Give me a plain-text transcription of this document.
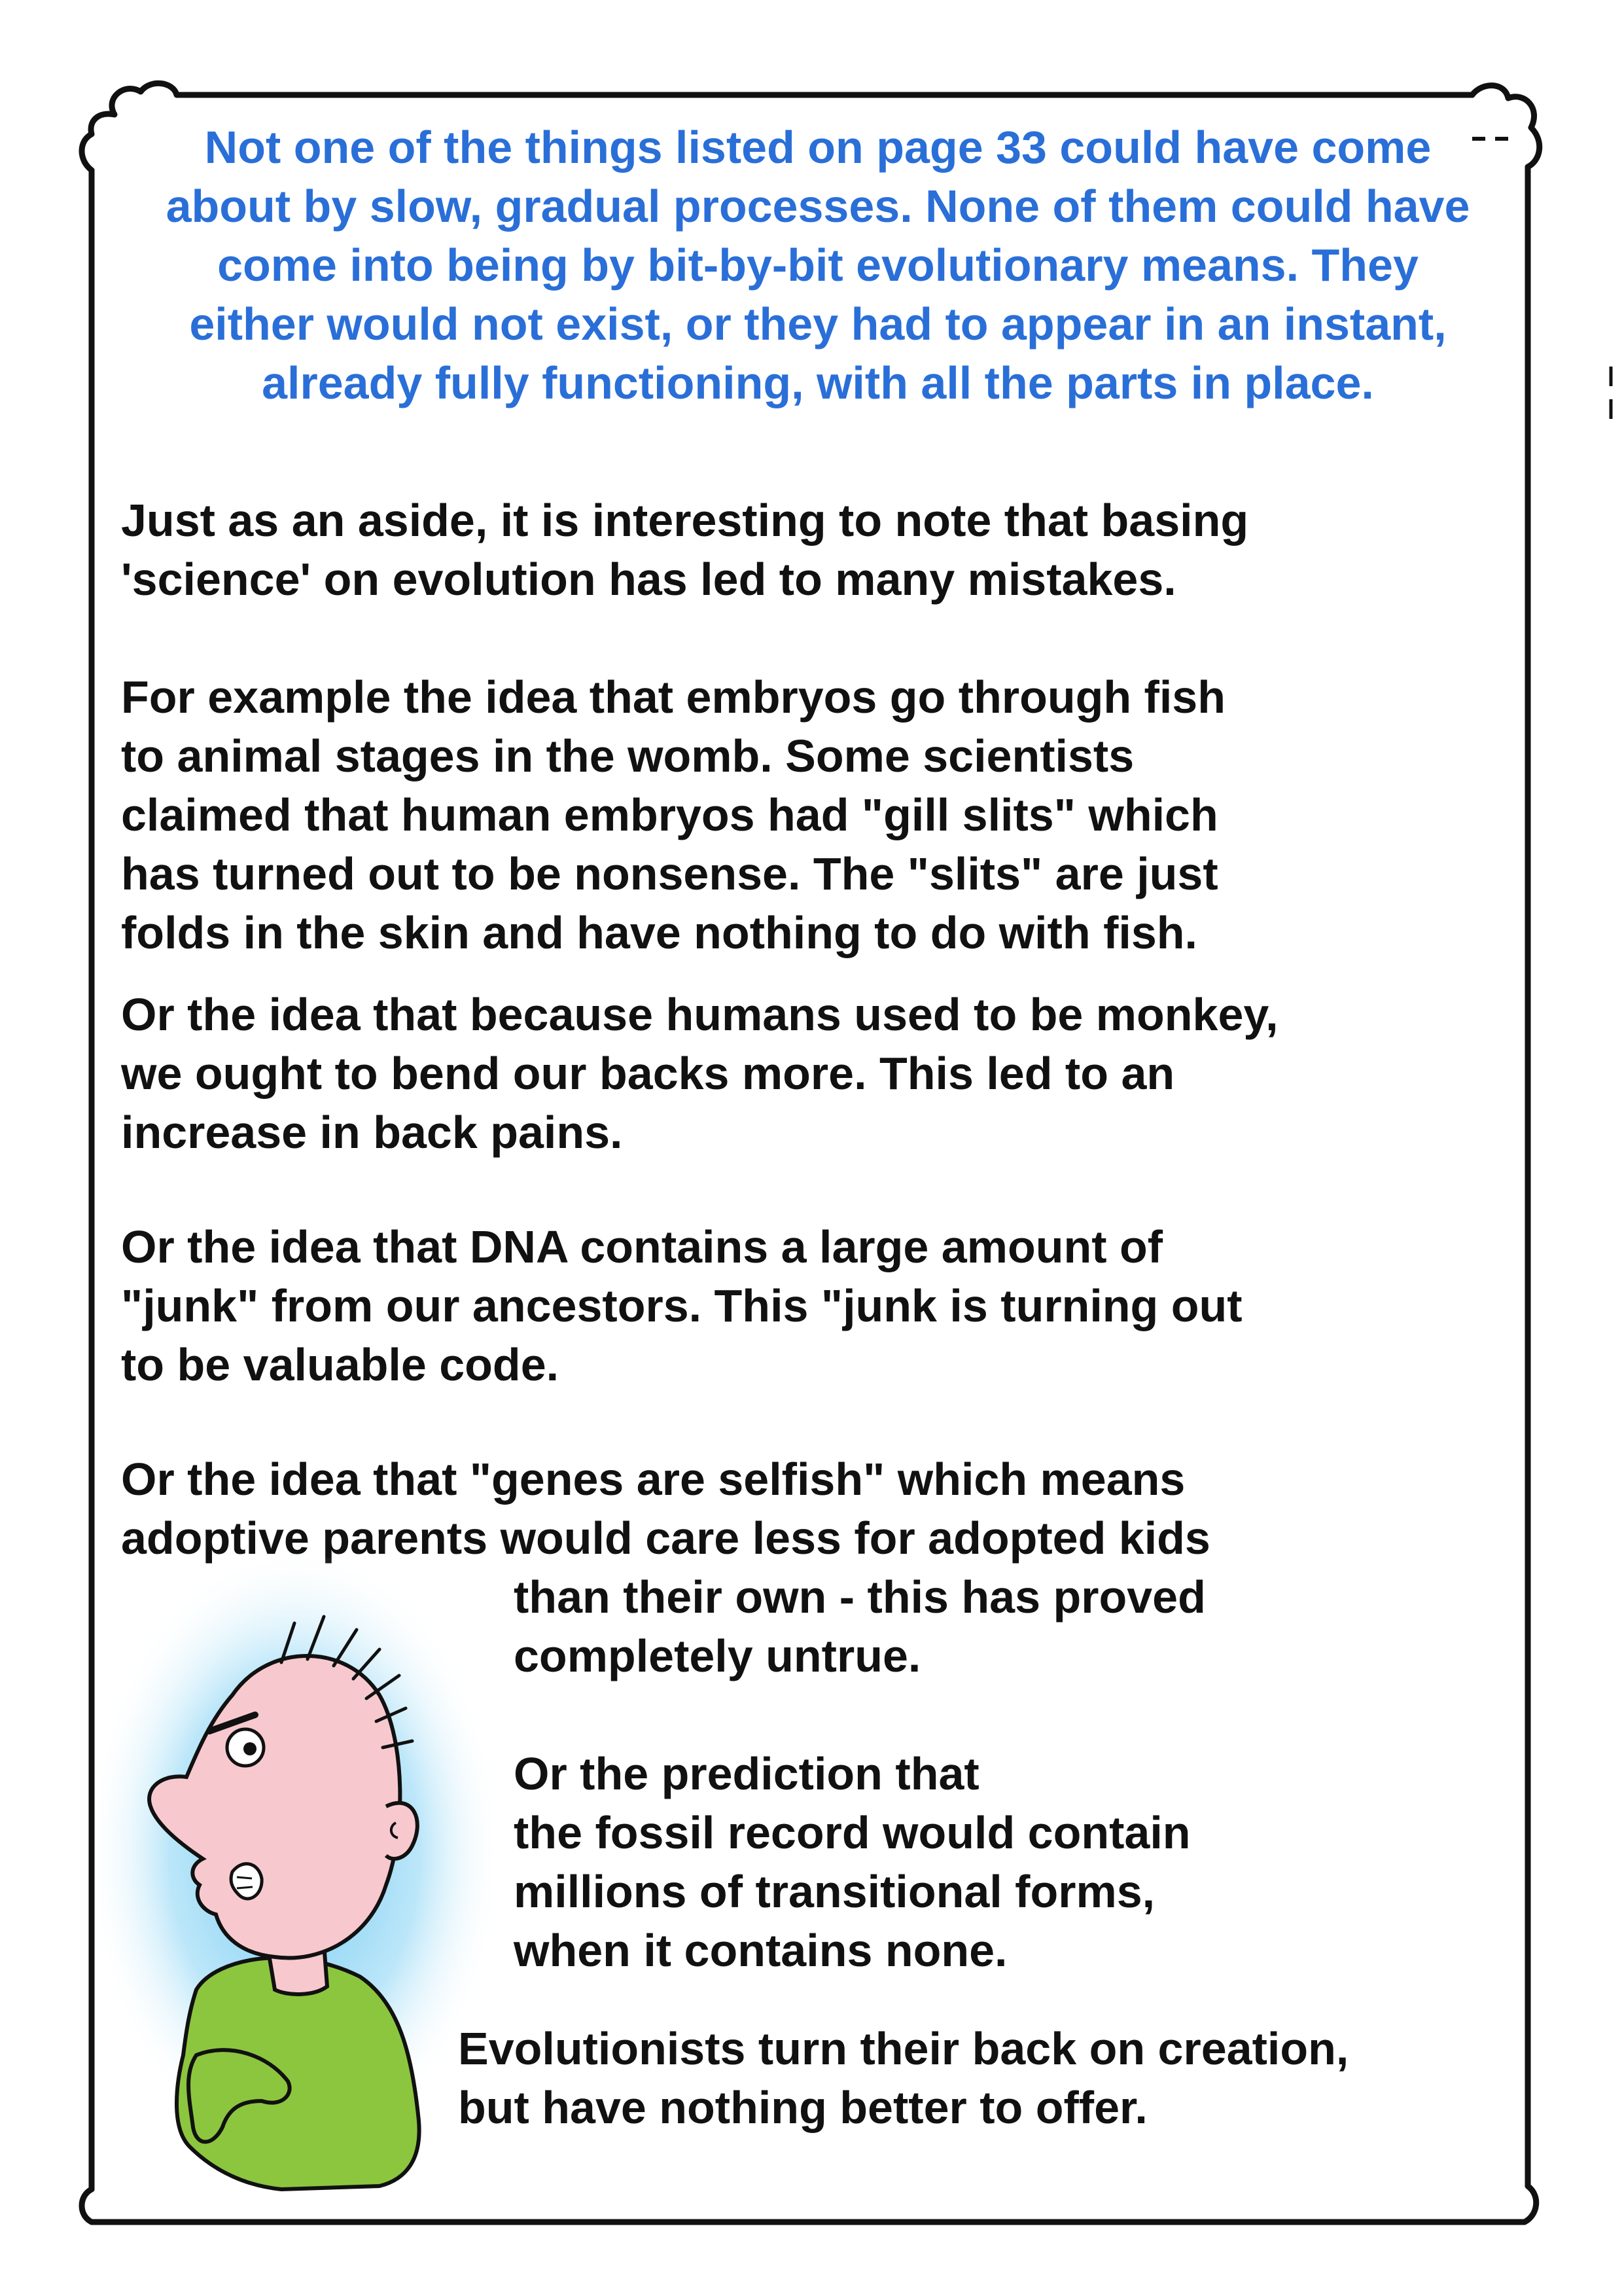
Not one of the things listed on page 33 could have come about by slow, gradual processes. None of them could have come into being by bit-by-bit evolutionary means. They either would not exist, or they had to appear in an instant, already fully functioning, with all the parts in place.

Just as an aside, it is interesting to note that basing
'science' on evolution has led to many mistakes.

For example the idea that embryos go through fish
to animal stages in the womb. Some scientists
claimed that human embryos had "gill slits" which
has turned out to be nonsense. The "slits" are just
folds in the skin and have nothing to do with fish.

Or the idea that because humans used to be monkey,
we ought to bend our backs more. This led to an
increase in back pains.

Or the idea that DNA contains a large amount of
"junk" from our ancestors. This "junk is turning out
to be valuable code.

Or the idea that "genes are selfish" which means
adoptive parents would care less for adopted kids

than their own - this has proved
completely untrue.

Or the prediction that
the fossil record would contain
millions of transitional forms,
when it contains none.

Evolutionists turn their back on creation,
but have nothing better to offer.
